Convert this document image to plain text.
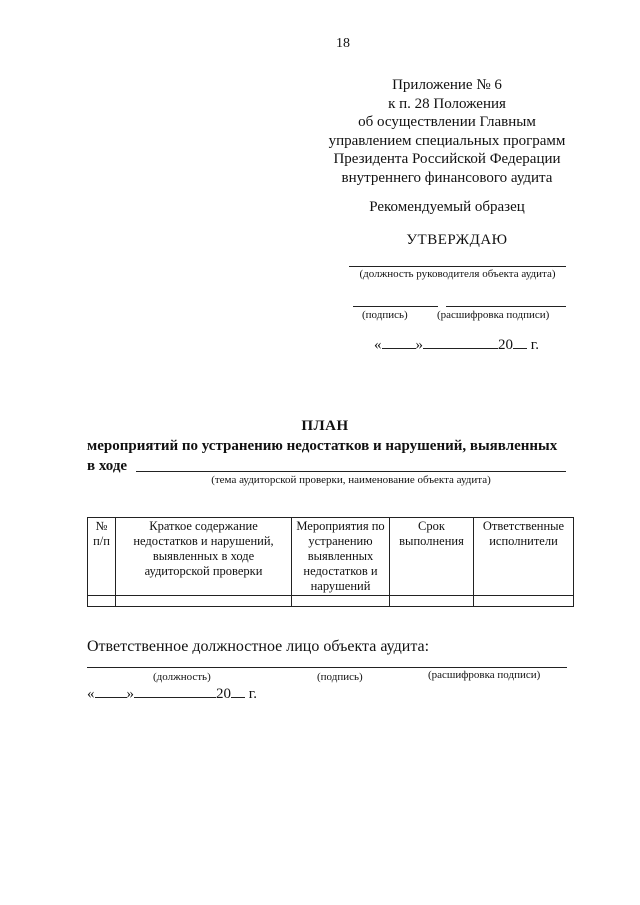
18
Приложение № 6
к п. 28 Положения
об осуществлении Главным
управлением специальных программ
Президента Российской Федерации
внутреннего финансового аудита
Рекомендуемый образец
УТВЕРЖДАЮ
(должность руководителя объекта аудита)
(подпись)	(расшифровка подписи)
« »	20 г.
ПЛАН
мероприятий по устранению недостатков и нарушений, выявленных
в ходе
(тема аудиторской проверки, наименование объекта аудита)
№ п/п	Краткое содержание недостатков и нарушений, выявленных в ходе аудиторской проверки	Мероприятия по устранению выявленных недостатков и нарушений	Срок выполнения	Ответственные исполнители

Ответственное должностное лицо объекта аудита:
(должность)	(подпись)	(расшифровка подписи)
« »	20 г.
